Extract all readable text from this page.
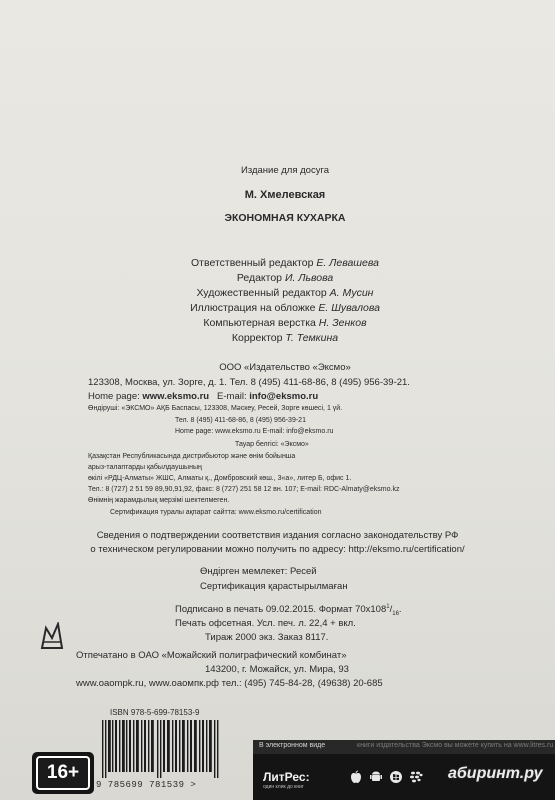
Издание для досуга
М. Хмелевская
ЭКОНОМНАЯ КУХАРКА
Ответственный редактор Е. Левашева
Редактор И. Львова
Художественный редактор А. Мусин
Иллюстрация на обложке Е. Шувалова
Компьютерная верстка Н. Зенков
Корректор Т. Темкина
ООО «Издательство «Эксмо»
123308, Москва, ул. Зорге, д. 1. Тел. 8 (495) 411-68-86, 8 (495) 956-39-21.
Home page: www.eksmo.ru E-mail: info@eksmo.ru
Өндіруші: «ЭКСМО» АҚБ Баспасы, 123308, Мәскеу, Ресей, Зорге көшесі, 1 үй.
Тел. 8 (495) 411-68-86, 8 (495) 956-39-21
Home page: www.eksmo.ru E-mail: info@eksmo.ru
Тауар белгісі: «Эксмо»
Қазақстан Республикасында дистрибьютор және өнім бойынша
арыз-талаптарды қабылдаушының
өкілі «РДЦ-Алматы» ЖШС, Алматы қ., Домбровский көш., 3«а», литер Б, офис 1.
Тел.: 8 (727) 2 51 59 89,90,91,92, факс: 8 (727) 251 58 12 вн. 107; E-mail: RDC-Almaty@eksmo.kz
Өнімнің жарамдылық мерзімі шектелмеген.
Сертификация туралы ақпарат сайтта: www.eksmo.ru/certification
Сведения о подтверждении соответствия издания согласно законодательству РФ
о техническом регулировании можно получить по адресу: http://eksmo.ru/certification/
Өндірген мемлекет: Ресей
Сертификация қарастырылмаған
Подписано в печать 09.02.2015. Формат $70x108^1/_{16}$.
Печать офсетная. Усл. печ. л. 22,4 + вкл.
Тираж 2000 экз. Заказ 8117.
Отпечатано в ОАО «Можайский полиграфический комбинат»
143200, г. Можайск, ул. Мира, 93
www.oaompk.ru, www.оаомпк.рф тел.: (495) 745-84-28, (49638) 20-685
ISBN 978-5-699-78153-9
9 785699 781539 >
16+
В электронном виде	книги издательства Эксмо вы можете купить на www.litres.ru
ЛитРес:
один клик до книг
абиринт.ру
